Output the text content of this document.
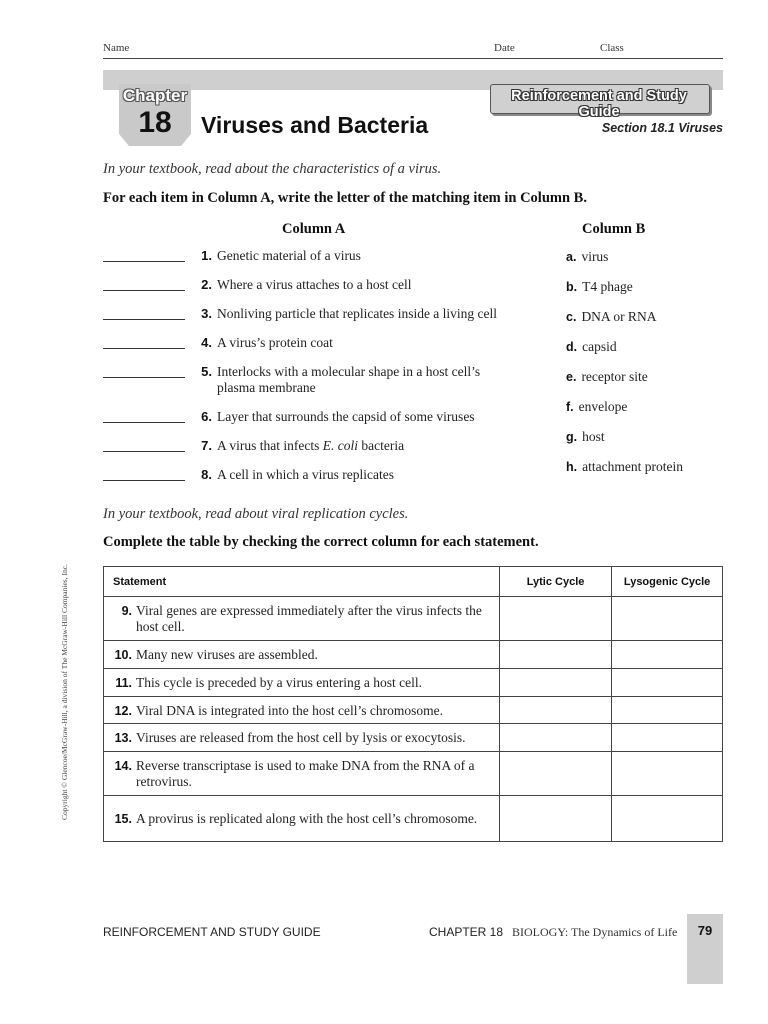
Name	Date	Class
Chapter
18	Viruses and Bacteria
Reinforcement and Study Guide
Section 18.1 Viruses
In your textbook, read about the characteristics of a virus.
For each item in Column A, write the letter of the matching item in Column B.
Column A	Column B
1. Genetic material of a virus
2. Where a virus attaches to a host cell
3. Nonliving particle that replicates inside a living cell
4. A virus’s protein coat
5. Interlocks with a molecular shape in a host cell’s plasma membrane
6. Layer that surrounds the capsid of some viruses
7. A virus that infects E. coli bacteria
8. A cell in which a virus replicates
a. virus
b. T4 phage
c. DNA or RNA
d. capsid
e. receptor site
f. envelope
g. host
h. attachment protein
In your textbook, read about viral replication cycles.
Complete the table by checking the correct column for each statement.
Statement	Lytic Cycle	Lysogenic Cycle

9. Viral genes are expressed immediately after the virus infects the host cell.		

10. Many new viruses are assembled.		

11. This cycle is preceded by a virus entering a host cell.		

12. Viral DNA is integrated into the host cell’s chromosome.		

13. Viruses are released from the host cell by lysis or exocytosis.		

14. Reverse transcriptase is used to make DNA from the RNA of a retrovirus.		

15. A provirus is replicated along with the host cell’s chromosome.		

Copyright © Glencoe/McGraw-Hill, a division of The McGraw-Hill Companies, Inc.
REINFORCEMENT AND STUDY GUIDE	CHAPTER 18 BIOLOGY: The Dynamics of Life	79
